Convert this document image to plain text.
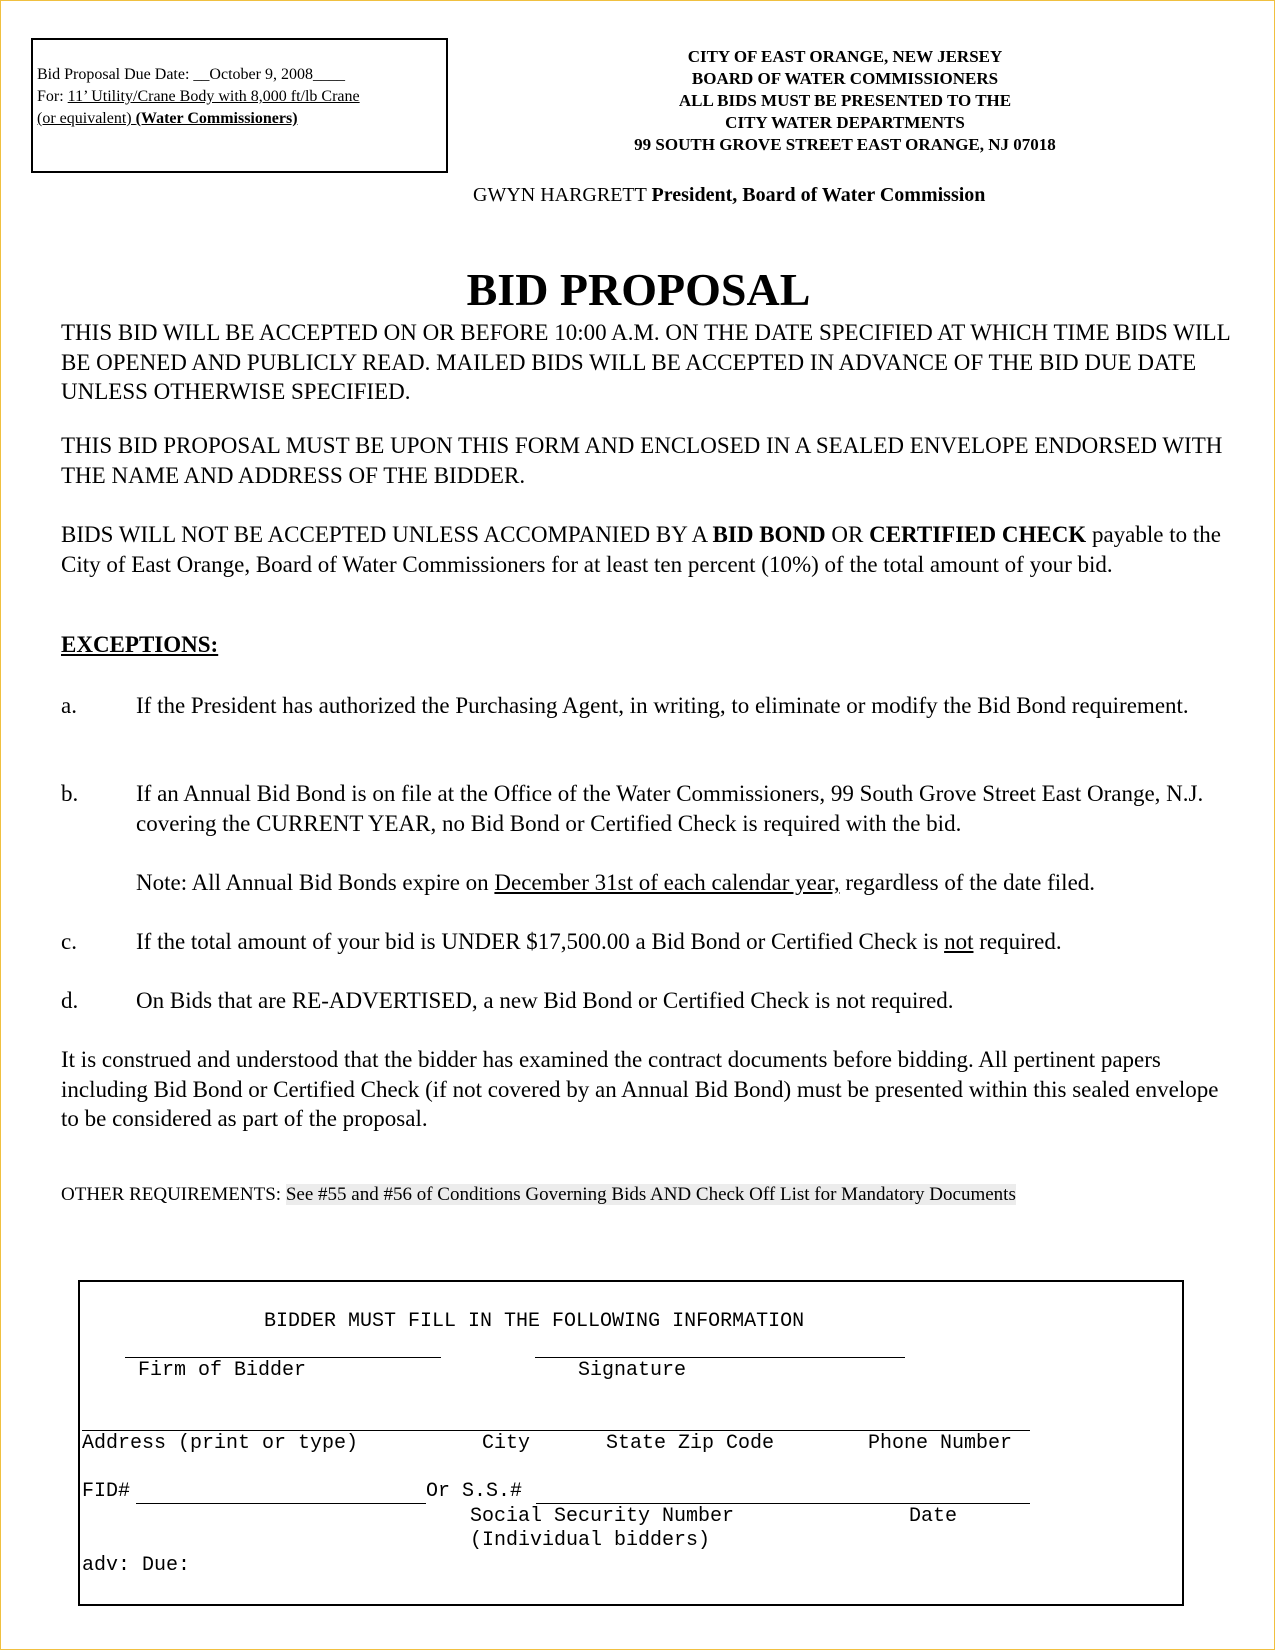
Bid Proposal Due Date: __October 9, 2008____
For: 11’ Utility/Crane Body with 8,000 ft/lb Crane
(or equivalent) (Water Commissioners)
CITY OF EAST ORANGE, NEW JERSEY
BOARD OF WATER COMMISSIONERS
ALL BIDS MUST BE PRESENTED TO THE
CITY WATER DEPARTMENTS
99 SOUTH GROVE STREET EAST ORANGE, NJ 07018
GWYN HARGRETT President, Board of Water Commission
BID PROPOSAL
THIS BID WILL BE ACCEPTED ON OR BEFORE 10:00 A.M. ON THE DATE SPECIFIED AT WHICH TIME BIDS WILL BE OPENED AND PUBLICLY READ. MAILED BIDS WILL BE ACCEPTED IN ADVANCE OF THE BID DUE DATE UNLESS OTHERWISE SPECIFIED.
THIS BID PROPOSAL MUST BE UPON THIS FORM AND ENCLOSED IN A SEALED ENVELOPE ENDORSED WITH THE NAME AND ADDRESS OF THE BIDDER.
BIDS WILL NOT BE ACCEPTED UNLESS ACCOMPANIED BY A BID BOND OR CERTIFIED CHECK payable to the City of East Orange, Board of Water Commissioners for at least ten percent (10%) of the total amount of your bid.
EXCEPTIONS:
a.	If the President has authorized the Purchasing Agent, in writing, to eliminate or modify the Bid Bond requirement.
b.	If an Annual Bid Bond is on file at the Office of the Water Commissioners, 99 South Grove Street East Orange, N.J. covering the CURRENT YEAR, no Bid Bond or Certified Check is required with the bid.
Note: All Annual Bid Bonds expire on December 31st of each calendar year, regardless of the date filed.
c.	If the total amount of your bid is UNDER $17,500.00 a Bid Bond or Certified Check is not required.
d.	On Bids that are RE-ADVERTISED, a new Bid Bond or Certified Check is not required.
It is construed and understood that the bidder has examined the contract documents before bidding. All pertinent papers including Bid Bond or Certified Check (if not covered by an Annual Bid Bond) must be presented within this sealed envelope to be considered as part of the proposal.
OTHER REQUIREMENTS: See #55 and #56 of Conditions Governing Bids AND Check Off List for Mandatory Documents
BIDDER MUST FILL IN THE FOLLOWING INFORMATION
Firm of Bidder	Signature
Address (print or type)	City	State Zip Code	Phone Number
FID#	Or S.S.#
Social Security Number	Date
(Individual bidders)
adv: Due:
